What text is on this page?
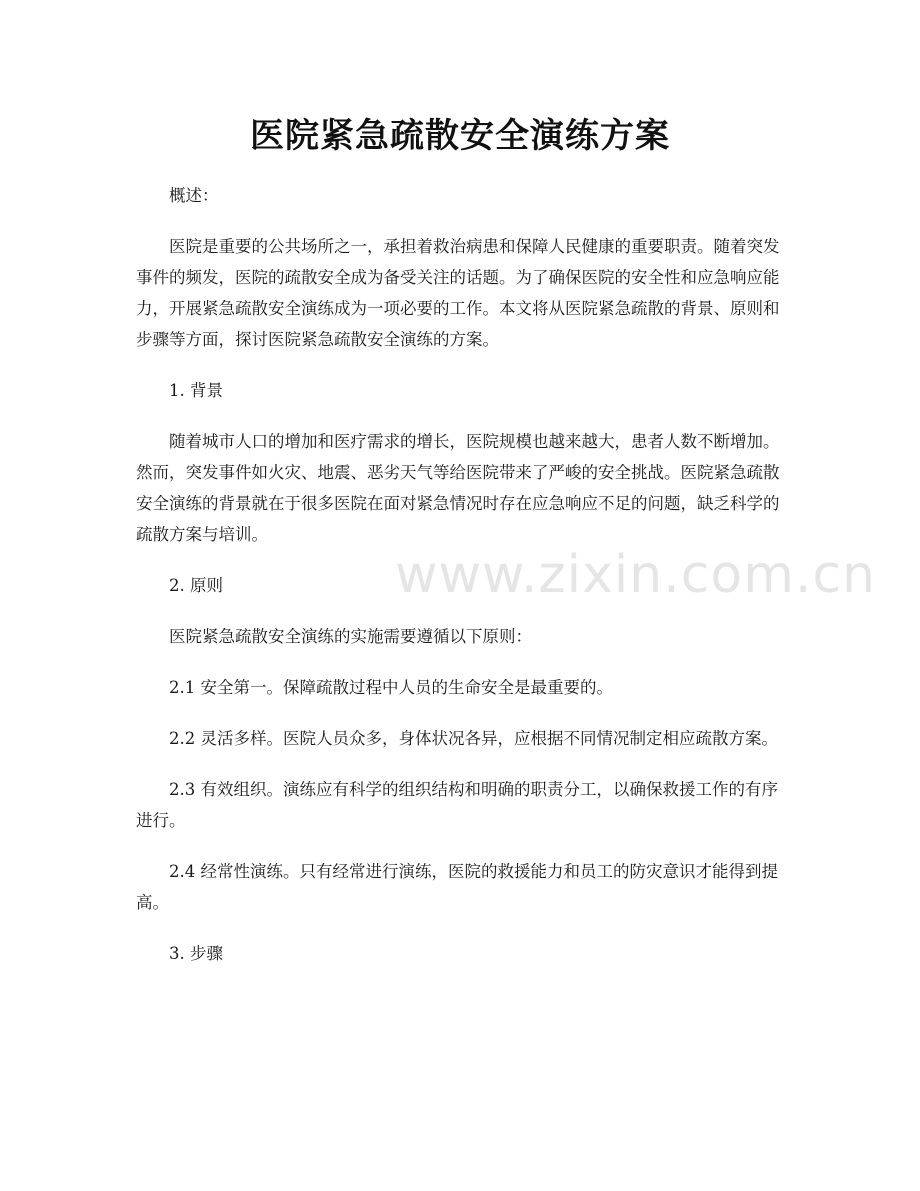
医院紧急疏散安全演练方案

概述：

医院是重要的公共场所之一，承担着救治病患和保障人民健康的重要职责。随着突发事件的频发，医院的疏散安全成为备受关注的话题。为了确保医院的安全性和应急响应能力，开展紧急疏散安全演练成为一项必要的工作。本文将从医院紧急疏散的背景、原则和步骤等方面，探讨医院紧急疏散安全演练的方案。

1. 背景

随着城市人口的增加和医疗需求的增长，医院规模也越来越大，患者人数不断增加。然而，突发事件如火灾、地震、恶劣天气等给医院带来了严峻的安全挑战。医院紧急疏散安全演练的背景就在于很多医院在面对紧急情况时存在应急响应不足的问题，缺乏科学的疏散方案与培训。

2. 原则

医院紧急疏散安全演练的实施需要遵循以下原则：

2.1 安全第一。保障疏散过程中人员的生命安全是最重要的。

2.2 灵活多样。医院人员众多，身体状况各异，应根据不同情况制定相应疏散方案。

2.3 有效组织。演练应有科学的组织结构和明确的职责分工，以确保救援工作的有序进行。

2.4 经常性演练。只有经常进行演练，医院的救援能力和员工的防灾意识才能得到提高。

3. 步骤

www.zixin.com.cn
